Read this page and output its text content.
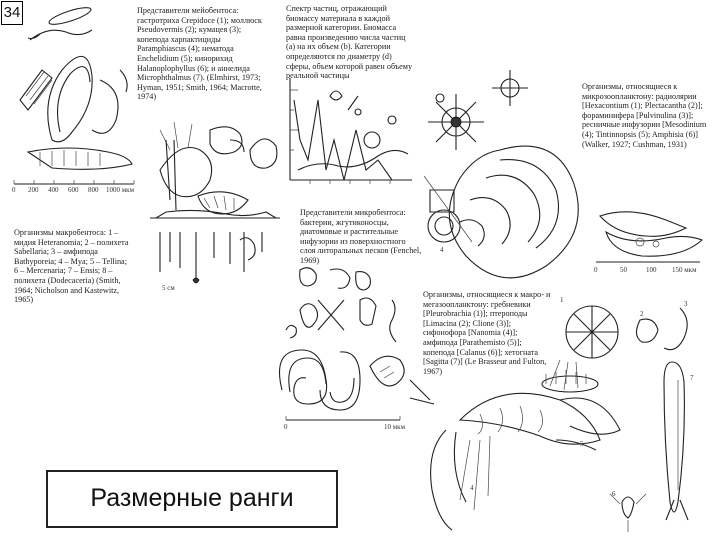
34	Представители мейобентоса: гастротриха Crepidoce (1); моллюск Pseudovermis (2); кумацея (3); копепода харпактициды Paramphiascus (4); нематода Enchelidium (5); кинорихид Halanoplophyllus (6); и аннелида Microphthalmus (7). (Elmhirst, 1973; Hyman, 1951; Smith, 1964; Macrotte, 1974)
Спектр частиц, отражающий биомассу материала в каждой размерной категории. Биомасса равна произведению числа частиц (a) на их объем (b). Категории определяются по диаметру (d) сферы, объем которой равен объему реальной частицы
Организмы, относящиеся к микрозоопланктону: радиолярии [Hexacontium (1); Plectacantha (2)]; фораминифера [Pulvinulina (3)]; ресничные инфузории [Mesodinium (4); Tintinnopsis (5); Amphisia (6)] (Walker, 1927; Cushman, 1931)
Организмы макробентоса: 1 – мидия Heteranomia; 2 – полихета Sabellaria; 3 – амфипода Bathyporeia; 4 – Mya; 5 – Tellina; 6 – Mercenaria; 7 – Ensis; 8 – полихета (Dodecaceria) (Smith, 1964; Nicholson and Kastewitz, 1965)
Представители микробентоса: бактерии, жгутиконосцы, диатомовые и растительные инфузории из поверхностного слоя литоральных песков (Fenchel, 1969)
Организмы, относящиеся к макро- и мегазоопланктону: гребневики [Pleurobrachia (1)]; птероподы [Limacina (2); Clione (3)]; сифонофора [Nanomia (4)]; амфипода [Parathemisto (5)]; копепода [Calanus (6)]; хетогната [Sagitta (7)] (Le Brasseur and Fulton, 1967)
0 200 400 600 800 1000 мкм
5 см
4
0	50	100 150 мкм
0	10 мкм
1
2
3
4
5
6
7
Размерные ранги
